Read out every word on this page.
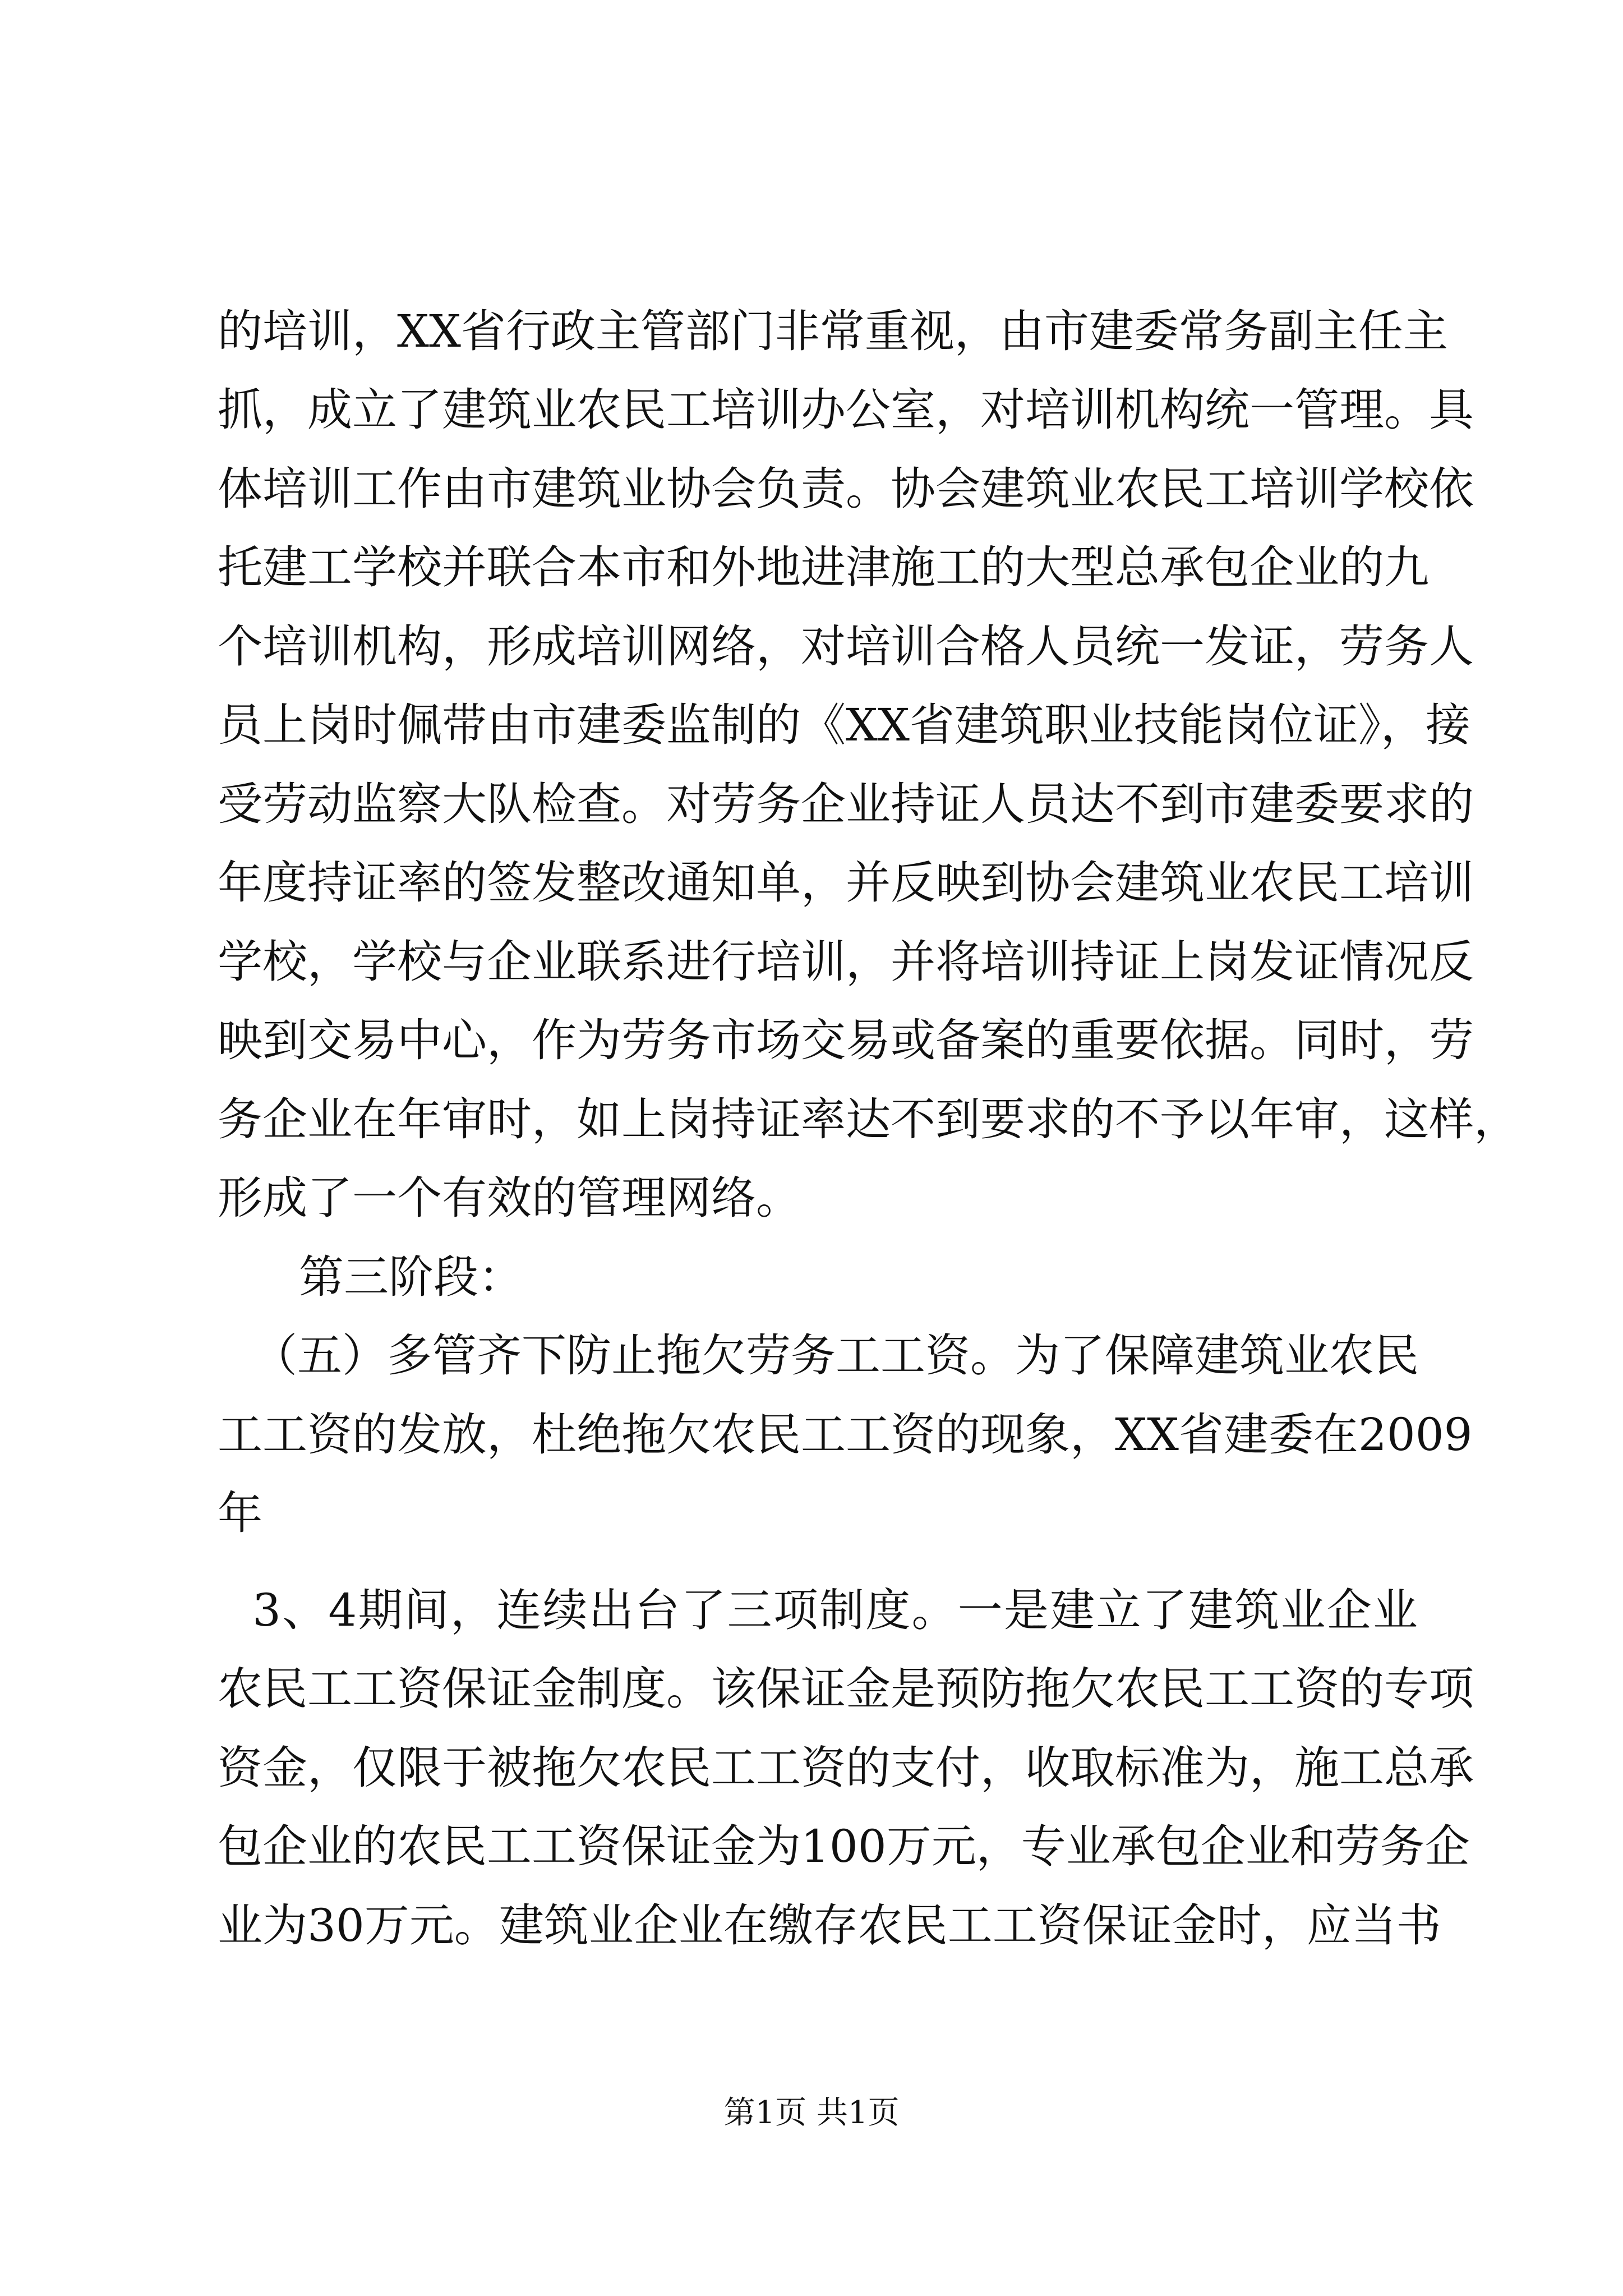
的培训，XX省行政主管部门非常重视，由市建委常务副主任主
抓，成立了建筑业农民工培训办公室，对培训机构统一管理。具
体培训工作由市建筑业协会负责。协会建筑业农民工培训学校依
托建工学校并联合本市和外地进津施工的大型总承包企业的九
个培训机构，形成培训网络，对培训合格人员统一发证，劳务人
员上岗时佩带由市建委监制的《XX省建筑职业技能岗位证》，接
受劳动监察大队检查。对劳务企业持证人员达不到市建委要求的
年度持证率的签发整改通知单，并反映到协会建筑业农民工培训
学校，学校与企业联系进行培训，并将培训持证上岗发证情况反
映到交易中心，作为劳务市场交易或备案的重要依据。同时，劳
务企业在年审时，如上岗持证率达不到要求的不予以年审，这样，
形成了一个有效的管理网络。
第三阶段：
（五）多管齐下防止拖欠劳务工工资。为了保障建筑业农民
工工资的发放，杜绝拖欠农民工工资的现象，XX省建委在2009
年
3、4期间，连续出台了三项制度。一是建立了建筑业企业
农民工工资保证金制度。该保证金是预防拖欠农民工工资的专项
资金，仅限于被拖欠农民工工资的支付，收取标准为，施工总承
包企业的农民工工资保证金为100万元，专业承包企业和劳务企
业为30万元。建筑业企业在缴存农民工工资保证金时，应当书
第1页 共1页
